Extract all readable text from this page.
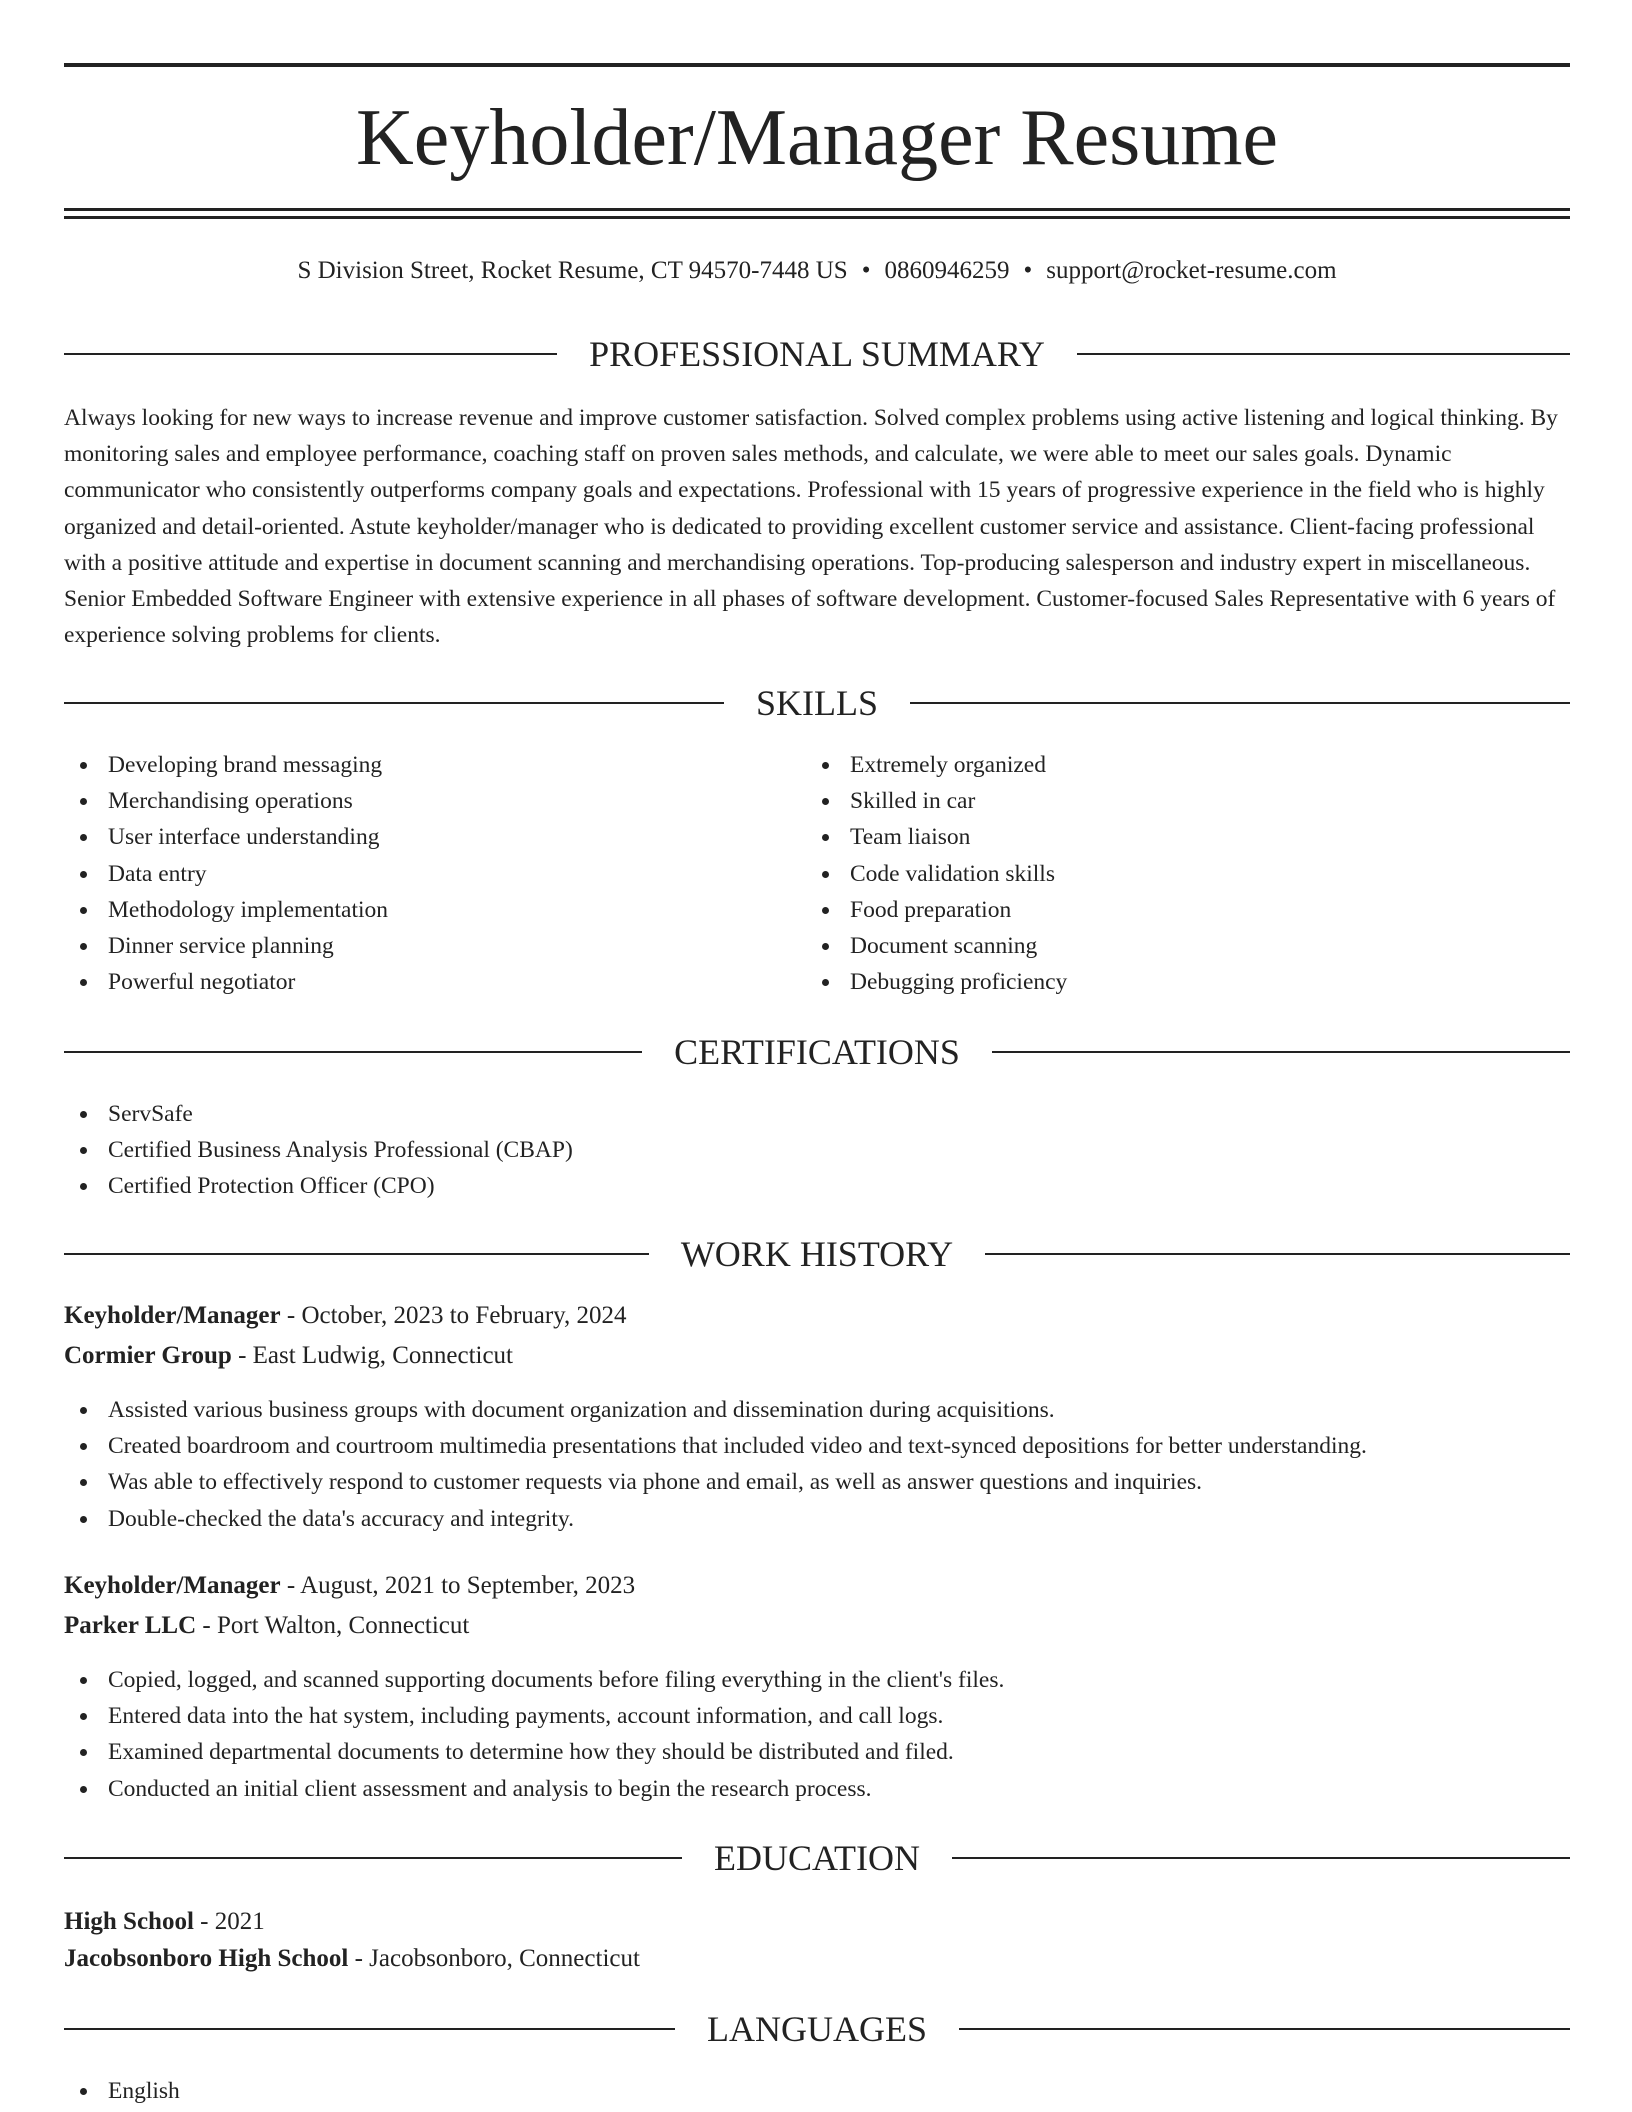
Keyholder/Manager Resume
S Division Street, Rocket Resume, CT 94570-7448 US • 0860946259 • support@rocket-resume.com
PROFESSIONAL SUMMARY

Always looking for new ways to increase revenue and improve customer satisfaction. Solved complex problems using active listening and logical thinking. By monitoring sales and employee performance, coaching staff on proven sales methods, and calculate, we were able to meet our sales goals. Dynamic communicator who consistently outperforms company goals and expectations. Professional with 15 years of progressive experience in the field who is highly organized and detail-oriented. Astute keyholder/manager who is dedicated to providing excellent customer service and assistance. Client-facing professional with a positive attitude and expertise in document scanning and merchandising operations. Top-producing salesperson and industry expert in miscellaneous. Senior Embedded Software Engineer with extensive experience in all phases of software development. Customer-focused Sales Representative with 6 years of experience solving problems for clients.

SKILLS
Developing brand messaging
Merchandising operations
User interface understanding
Data entry
Methodology implementation
Dinner service planning
Powerful negotiator
Extremely organized
Skilled in car
Team liaison
Code validation skills
Food preparation
Document scanning
Debugging proficiency
CERTIFICATIONS
ServSafe
Certified Business Analysis Professional (CBAP)
Certified Protection Officer (CPO)
WORK HISTORY
Keyholder/Manager - October, 2023 to February, 2024
Cormier Group - East Ludwig, Connecticut
Assisted various business groups with document organization and dissemination during acquisitions.
Created boardroom and courtroom multimedia presentations that included video and text-synced depositions for better understanding.
Was able to effectively respond to customer requests via phone and email, as well as answer questions and inquiries.
Double-checked the data's accuracy and integrity.
Keyholder/Manager - August, 2021 to September, 2023
Parker LLC - Port Walton, Connecticut
Copied, logged, and scanned supporting documents before filing everything in the client's files.
Entered data into the hat system, including payments, account information, and call logs.
Examined departmental documents to determine how they should be distributed and filed.
Conducted an initial client assessment and analysis to begin the research process.
EDUCATION
High School - 2021
Jacobsonboro High School - Jacobsonboro, Connecticut
LANGUAGES
English
